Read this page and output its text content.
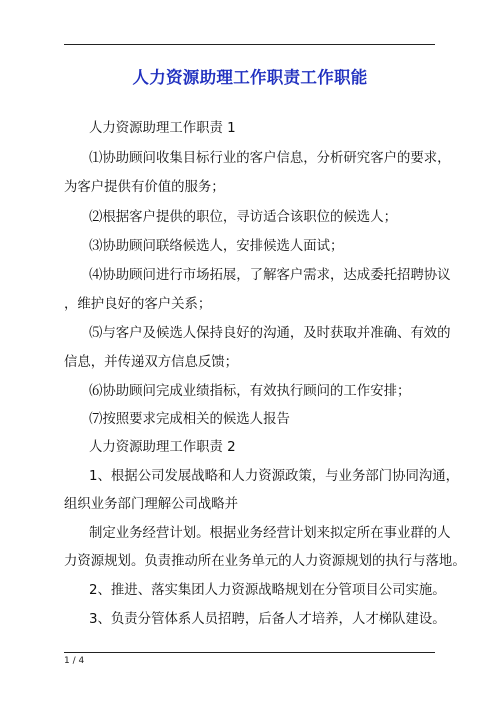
人力资源助理工作职责工作职能
人力资源助理工作职责 1
⑴协助顾问收集目标行业的客户信息，分析研究客户的要求，
为客户提供有价值的服务；
⑵根据客户提供的职位，寻访适合该职位的候选人；
⑶协助顾问联络候选人，安排候选人面试；
⑷协助顾问进行市场拓展，了解客户需求，达成委托招聘协议
，维护良好的客户关系；
⑸与客户及候选人保持良好的沟通，及时获取并准确、有效的
信息，并传递双方信息反馈；
⑹协助顾问完成业绩指标，有效执行顾问的工作安排；
⑺按照要求完成相关的候选人报告
人力资源助理工作职责 2
1、根据公司发展战略和人力资源政策，与业务部门协同沟通，
组织业务部门理解公司战略并
制定业务经营计划。根据业务经营计划来拟定所在事业群的人
力资源规划。负责推动所在业务单元的人力资源规划的执行与落地。
2、推进、落实集团人力资源战略规划在分管项目公司实施。
3、负责分管体系人员招聘，后备人才培养，人才梯队建设。
1 / 4
